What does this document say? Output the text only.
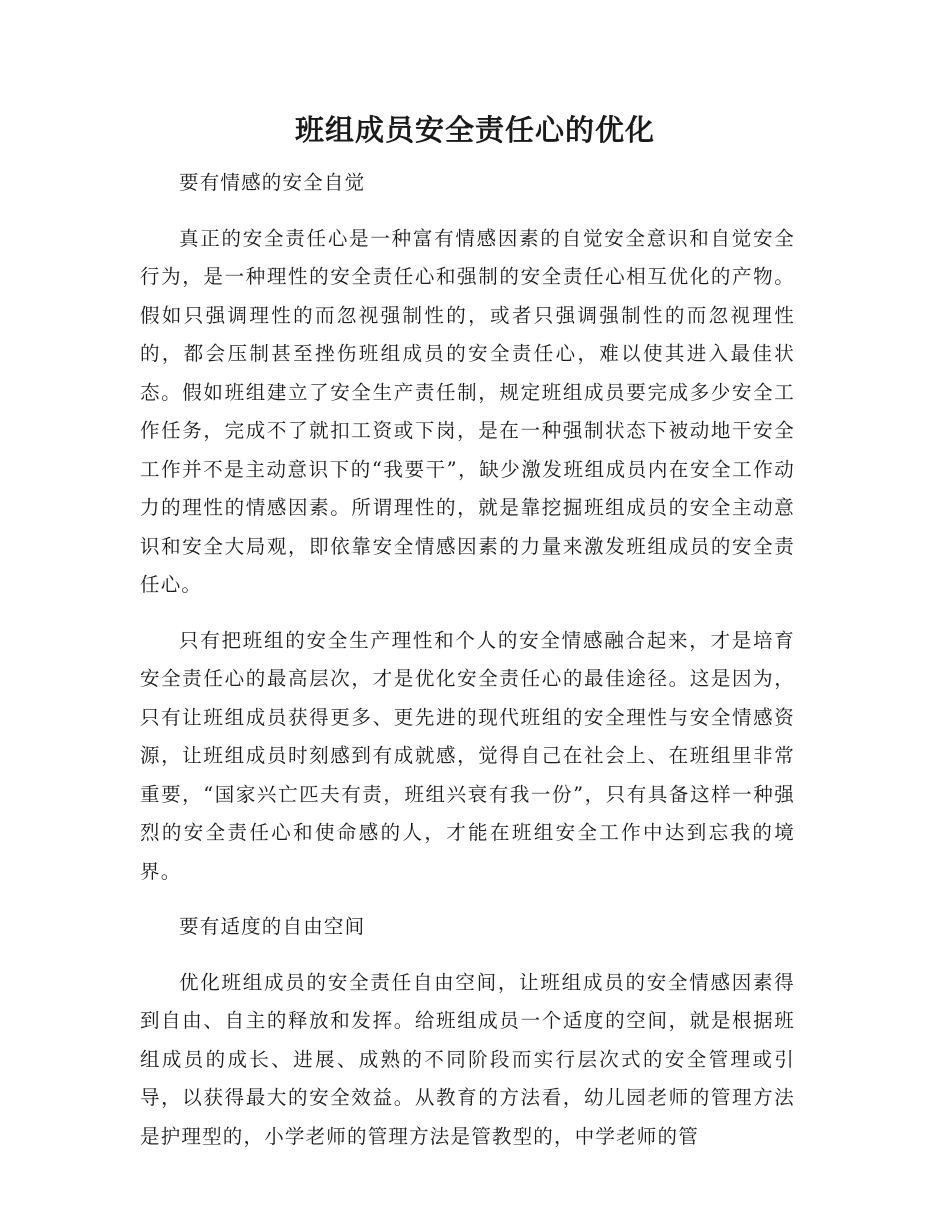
班组成员安全责任心的优化

要有情感的安全自觉

真正的安全责任心是一种富有情感因素的自觉安全意识和自觉安全行为，是一种理性的安全责任心和强制的安全责任心相互优化的产物。假如只强调理性的而忽视强制性的，或者只强调强制性的而忽视理性的，都会压制甚至挫伤班组成员的安全责任心，难以使其进入最佳状态。假如班组建立了安全生产责任制，规定班组成员要完成多少安全工作任务，完成不了就扣工资或下岗，是在一种强制状态下被动地干安全工作并不是主动意识下的“我要干”，缺少激发班组成员内在安全工作动力的理性的情感因素。所谓理性的，就是靠挖掘班组成员的安全主动意识和安全大局观，即依靠安全情感因素的力量来激发班组成员的安全责任心。

只有把班组的安全生产理性和个人的安全情感融合起来，才是培育安全责任心的最高层次，才是优化安全责任心的最佳途径。这是因为，只有让班组成员获得更多、更先进的现代班组的安全理性与安全情感资源，让班组成员时刻感到有成就感，觉得自己在社会上、在班组里非常重要，“国家兴亡匹夫有责，班组兴衰有我一份”，只有具备这样一种强烈的安全责任心和使命感的人，才能在班组安全工作中达到忘我的境界。

要有适度的自由空间

优化班组成员的安全责任自由空间，让班组成员的安全情感因素得到自由、自主的释放和发挥。给班组成员一个适度的空间，就是根据班组成员的成长、进展、成熟的不同阶段而实行层次式的安全管理或引导，以获得最大的安全效益。从教育的方法看，幼儿园老师的管理方法是护理型的，小学老师的管理方法是管教型的，中学老师的管
